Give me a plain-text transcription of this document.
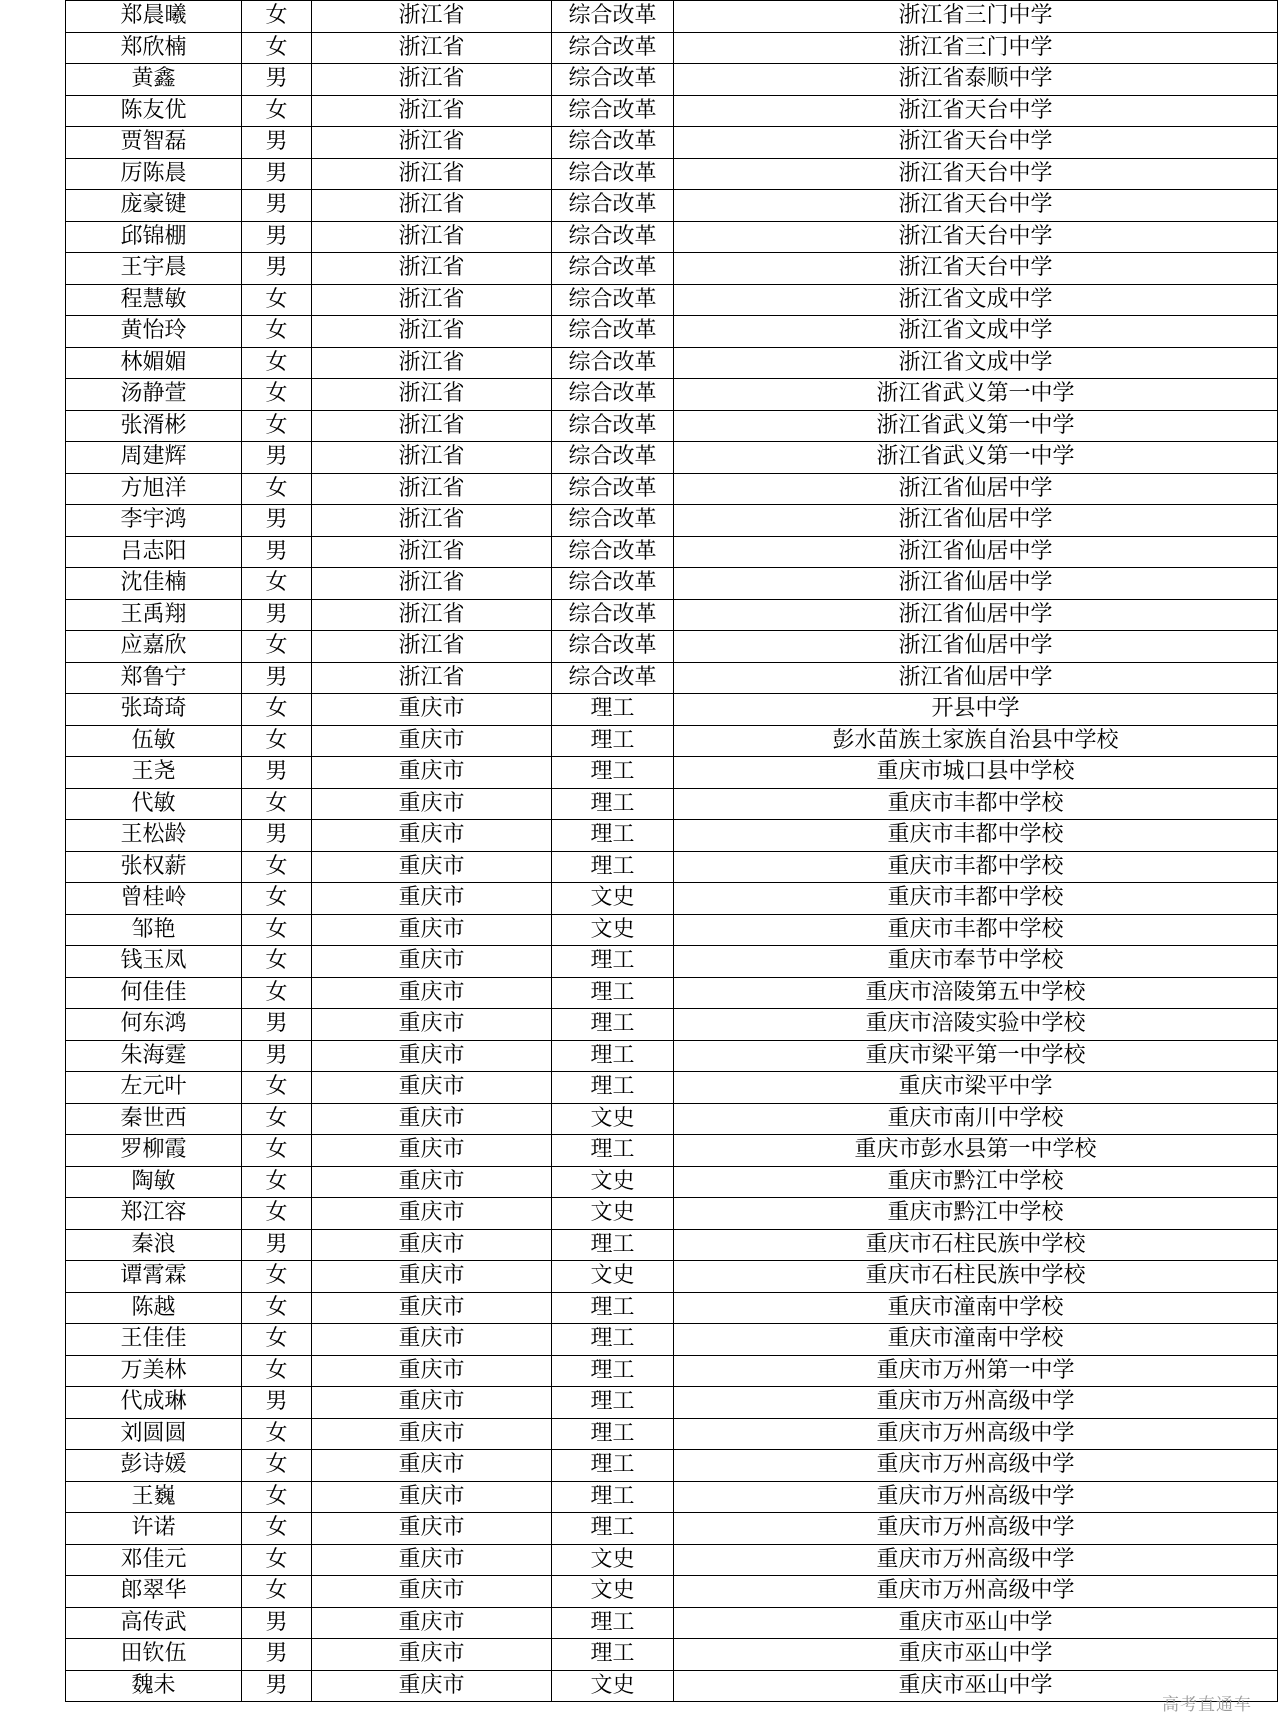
郑晨曦	女	浙江省	综合改革	浙江省三门中学
郑欣楠	女	浙江省	综合改革	浙江省三门中学
黄鑫	男	浙江省	综合改革	浙江省泰顺中学
陈友优	女	浙江省	综合改革	浙江省天台中学
贾智磊	男	浙江省	综合改革	浙江省天台中学
厉陈晨	男	浙江省	综合改革	浙江省天台中学
庞豪键	男	浙江省	综合改革	浙江省天台中学
邱锦棚	男	浙江省	综合改革	浙江省天台中学
王宇晨	男	浙江省	综合改革	浙江省天台中学
程慧敏	女	浙江省	综合改革	浙江省文成中学
黄怡玲	女	浙江省	综合改革	浙江省文成中学
林媚媚	女	浙江省	综合改革	浙江省文成中学
汤静萱	女	浙江省	综合改革	浙江省武义第一中学
张湑彬	女	浙江省	综合改革	浙江省武义第一中学
周建辉	男	浙江省	综合改革	浙江省武义第一中学
方旭洋	女	浙江省	综合改革	浙江省仙居中学
李宇鸿	男	浙江省	综合改革	浙江省仙居中学
吕志阳	男	浙江省	综合改革	浙江省仙居中学
沈佳楠	女	浙江省	综合改革	浙江省仙居中学
王禹翔	男	浙江省	综合改革	浙江省仙居中学
应嘉欣	女	浙江省	综合改革	浙江省仙居中学
郑鲁宁	男	浙江省	综合改革	浙江省仙居中学
张琦琦	女	重庆市	理工	开县中学
伍敏	女	重庆市	理工	彭水苗族土家族自治县中学校
王尧	男	重庆市	理工	重庆市城口县中学校
代敏	女	重庆市	理工	重庆市丰都中学校
王松龄	男	重庆市	理工	重庆市丰都中学校
张权薪	女	重庆市	理工	重庆市丰都中学校
曾桂岭	女	重庆市	文史	重庆市丰都中学校
邹艳	女	重庆市	文史	重庆市丰都中学校
钱玉凤	女	重庆市	理工	重庆市奉节中学校
何佳佳	女	重庆市	理工	重庆市涪陵第五中学校
何东鸿	男	重庆市	理工	重庆市涪陵实验中学校
朱海霆	男	重庆市	理工	重庆市梁平第一中学校
左元叶	女	重庆市	理工	重庆市梁平中学
秦世西	女	重庆市	文史	重庆市南川中学校
罗柳霞	女	重庆市	理工	重庆市彭水县第一中学校
陶敏	女	重庆市	文史	重庆市黔江中学校
郑江容	女	重庆市	文史	重庆市黔江中学校
秦浪	男	重庆市	理工	重庆市石柱民族中学校
谭霄霖	女	重庆市	文史	重庆市石柱民族中学校
陈越	女	重庆市	理工	重庆市潼南中学校
王佳佳	女	重庆市	理工	重庆市潼南中学校
万美林	女	重庆市	理工	重庆市万州第一中学
代成琳	男	重庆市	理工	重庆市万州高级中学
刘圆圆	女	重庆市	理工	重庆市万州高级中学
彭诗媛	女	重庆市	理工	重庆市万州高级中学
王巍	女	重庆市	理工	重庆市万州高级中学
许诺	女	重庆市	理工	重庆市万州高级中学
邓佳元	女	重庆市	文史	重庆市万州高级中学
郎翠华	女	重庆市	文史	重庆市万州高级中学
高传武	男	重庆市	理工	重庆市巫山中学
田钦伍	男	重庆市	理工	重庆市巫山中学
魏未	男	重庆市	文史	重庆市巫山中学
高考直通车
